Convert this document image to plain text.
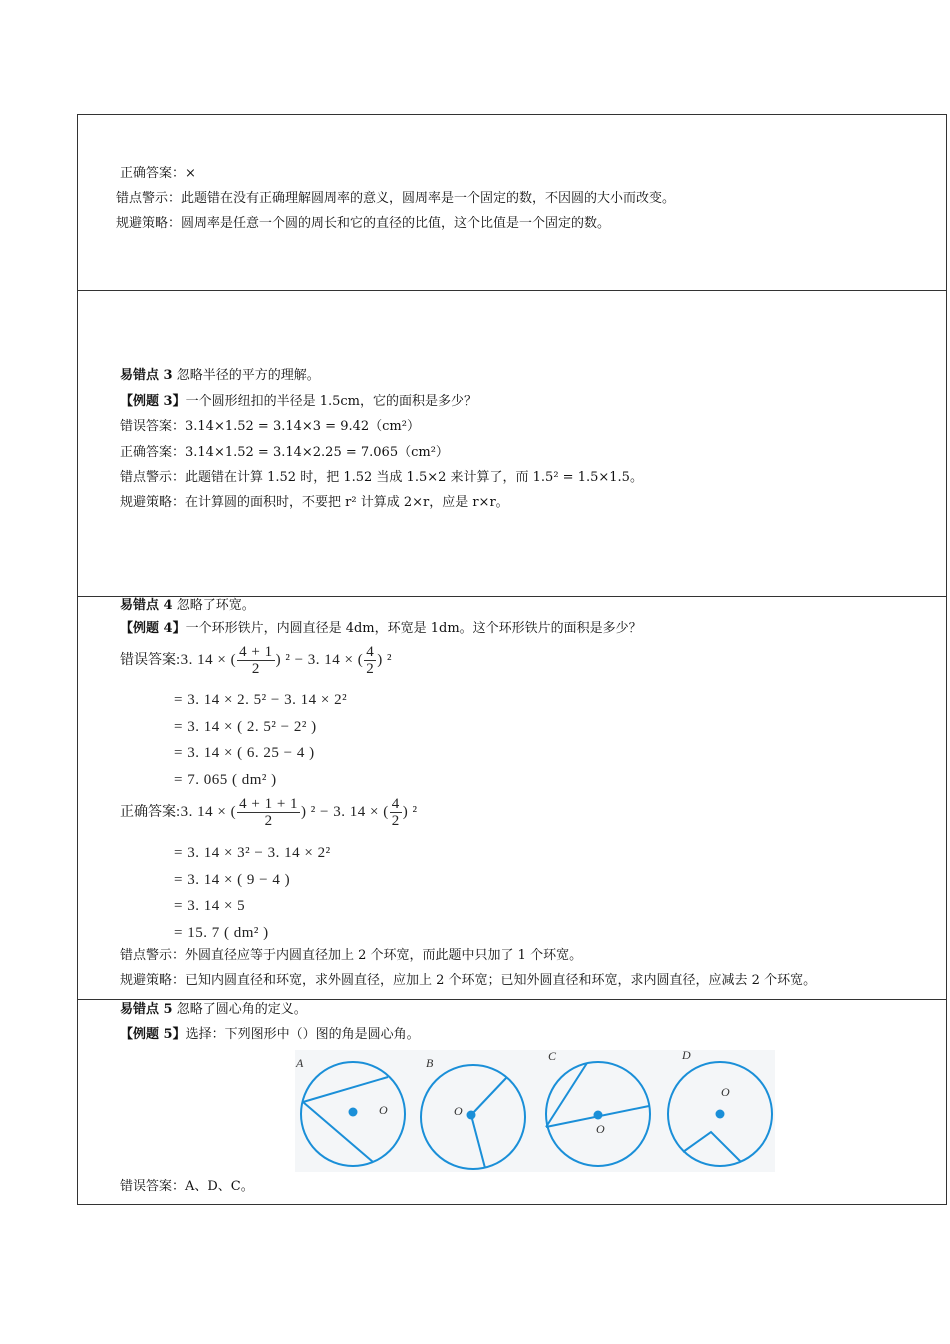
正确答案：×
错点警示：此题错在没有正确理解圆周率的意义，圆周率是一个固定的数，不因圆的大小而改变。
规避策略：圆周率是任意一个圆的周长和它的直径的比值，这个比值是一个固定的数。
易错点 3 忽略半径的平方的理解。
【例题 3】一个圆形纽扣的半径是 1.5cm，它的面积是多少？
错误答案：3.14×1.52 = 3.14×3 = 9.42（cm²）
正确答案：3.14×1.52 = 3.14×2.25 = 7.065（cm²）
错点警示：此题错在计算 1.52 时，把 1.52 当成 1.5×2 来计算了，而 1.5² = 1.5×1.5。
规避策略：在计算圆的面积时，不要把 r² 计算成 2×r，应是 r×r。
易错点 4 忽略了环宽。
【例题 4】一个环形铁片，内圆直径是 4dm，环宽是 1dm。这个环形铁片的面积是多少？
错误答案:3. 14 × ( $\frac{4 + 1}{2}$ ) ² − 3. 14 × ( $\frac{4}{2}$ ) ²
= 3. 14 × 2. 5² − 3. 14 × 2²
= 3. 14 × ( 2. 5² − 2² )
= 3. 14 × ( 6. 25 − 4 )
= 7. 065 ( dm² )
正确答案:3. 14 × ( $\frac{4 + 1 + 1}{2}$ ) ² − 3. 14 × ( $\frac{4}{2}$ ) ²
= 3. 14 × 3² − 3. 14 × 2²
= 3. 14 × ( 9 − 4 )
= 3. 14 × 5
= 15. 7 ( dm² )
错点警示：外圆直径应等于内圆直径加上 2 个环宽，而此题中只加了 1 个环宽。
规避策略：已知内圆直径和环宽，求外圆直径，应加上 2 个环宽；已知外圆直径和环宽，求内圆直径，应减去 2 个环宽。
易错点 5 忽略了圆心角的定义。
【例题 5】选择：下列图形中（）图的角是圆心角。
错误答案：A、D、C。
A
O
B
O
C
O
D
O
